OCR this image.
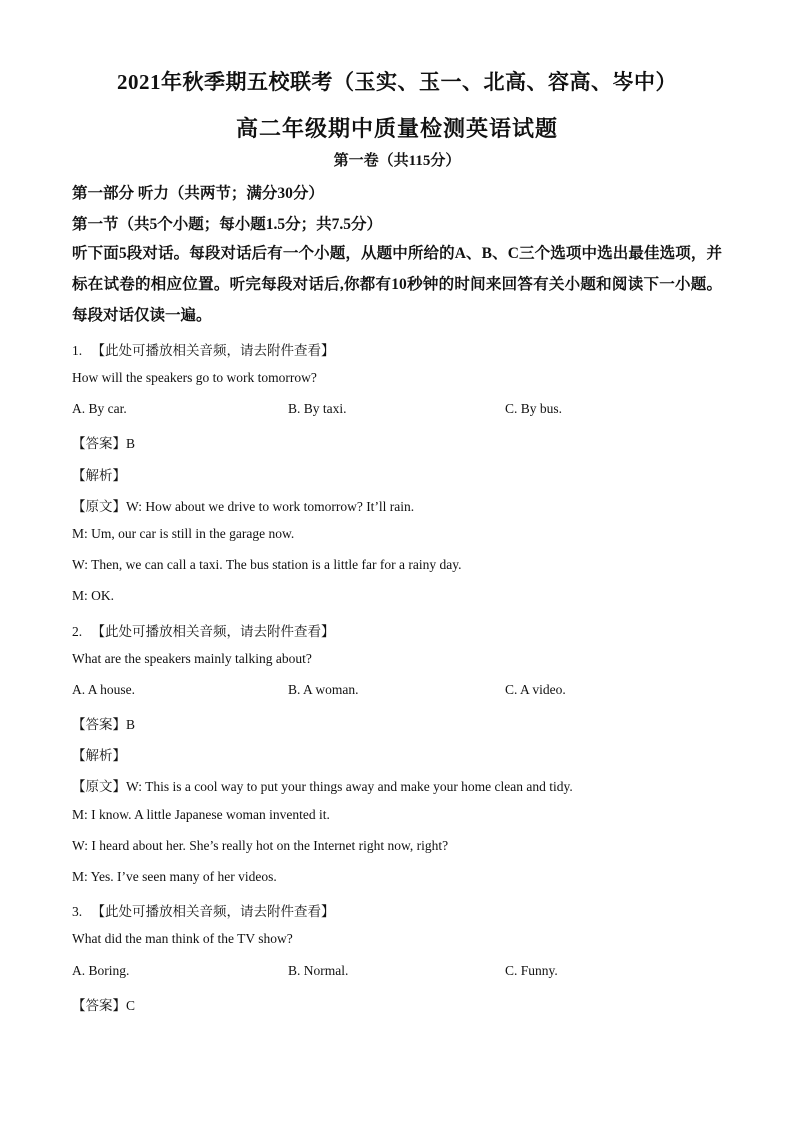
2021年秋季期五校联考（玉实、玉一、北高、容高、岑中）
高二年级期中质量检测英语试题
第一卷（共115分）
第一部分 听力（共两节；满分30分）
第一节（共5个小题；每小题1.5分；共7.5分）
听下面5段对话。每段对话后有一个小题，从题中所给的A、B、C三个选项中选出最佳选项，并标在试卷的相应位置。听完每段对话后,你都有10秒钟的时间来回答有关小题和阅读下一小题。每段对话仅读一遍。
1. 【此处可播放相关音频，请去附件查看】
How will the speakers go to work tomorrow?
A. By car.	B. By taxi.	C. By bus.
【答案】B
【解析】
【原文】W: How about we drive to work tomorrow? It’ll rain.
M: Um, our car is still in the garage now.
W: Then, we can call a taxi. The bus station is a little far for a rainy day.
M: OK.
2. 【此处可播放相关音频，请去附件查看】
What are the speakers mainly talking about?
A. A house.	B. A woman.	C. A video.
【答案】B
【解析】
【原文】W: This is a cool way to put your things away and make your home clean and tidy.
M: I know. A little Japanese woman invented it.
W: I heard about her. She’s really hot on the Internet right now, right?
M: Yes. I’ve seen many of her videos.
3. 【此处可播放相关音频，请去附件查看】
What did the man think of the TV show?
A. Boring.	B. Normal.	C. Funny.
【答案】C
